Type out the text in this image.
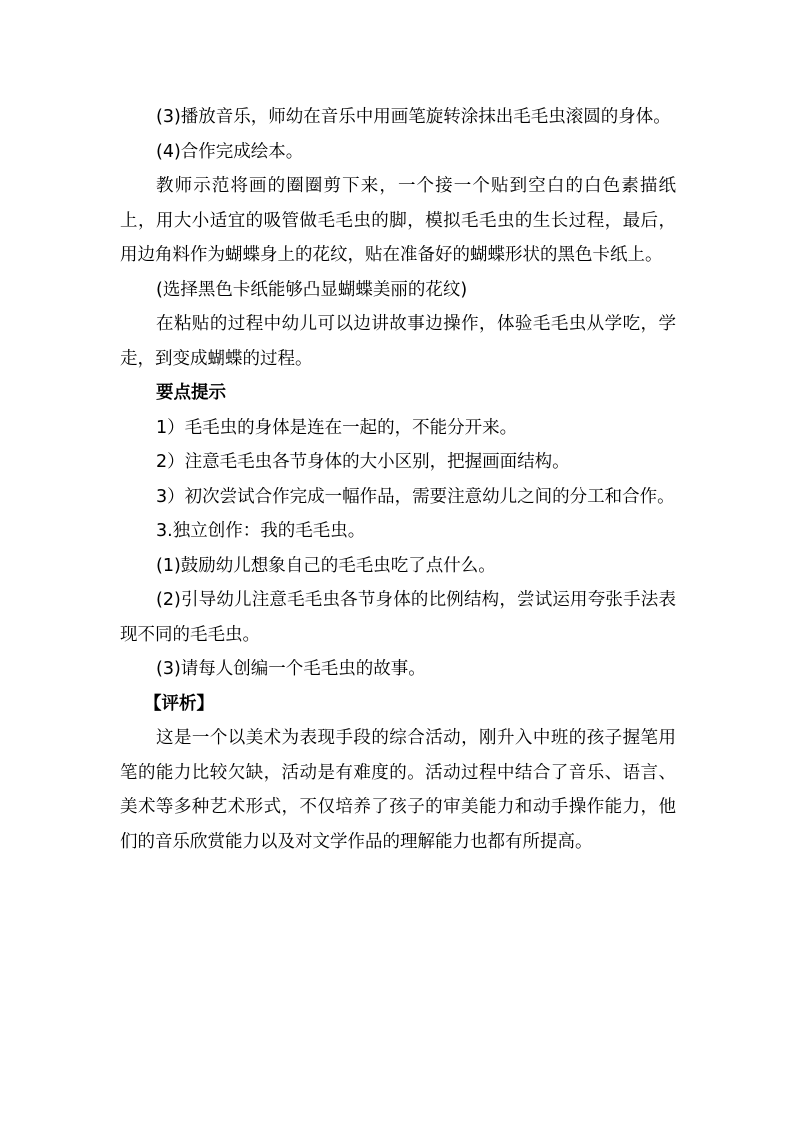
(3)播放音乐，师幼在音乐中用画笔旋转涂抹出毛毛虫滚圆的身体。

(4)合作完成绘本。

教师示范将画的圈圈剪下来，一个接一个贴到空白的白色素描纸上，用大小适宜的吸管做毛毛虫的脚，模拟毛毛虫的生长过程，最后，用边角料作为蝴蝶身上的花纹，贴在准备好的蝴蝶形状的黑色卡纸上。

(选择黑色卡纸能够凸显蝴蝶美丽的花纹)

在粘贴的过程中幼儿可以边讲故事边操作，体验毛毛虫从学吃，学走，到变成蝴蝶的过程。

要点提示

1）毛毛虫的身体是连在一起的，不能分开来。

2）注意毛毛虫各节身体的大小区别，把握画面结构。

3）初次尝试合作完成一幅作品，需要注意幼儿之间的分工和合作。

3.独立创作：我的毛毛虫。

(1)鼓励幼儿想象自己的毛毛虫吃了点什么。

(2)引导幼儿注意毛毛虫各节身体的比例结构，尝试运用夸张手法表现不同的毛毛虫。

(3)请每人创编一个毛毛虫的故事。

【评析】

这是一个以美术为表现手段的综合活动，刚升入中班的孩子握笔用笔的能力比较欠缺，活动是有难度的。活动过程中结合了音乐、语言、美术等多种艺术形式，不仅培养了孩子的审美能力和动手操作能力，他们的音乐欣赏能力以及对文学作品的理解能力也都有所提高。
